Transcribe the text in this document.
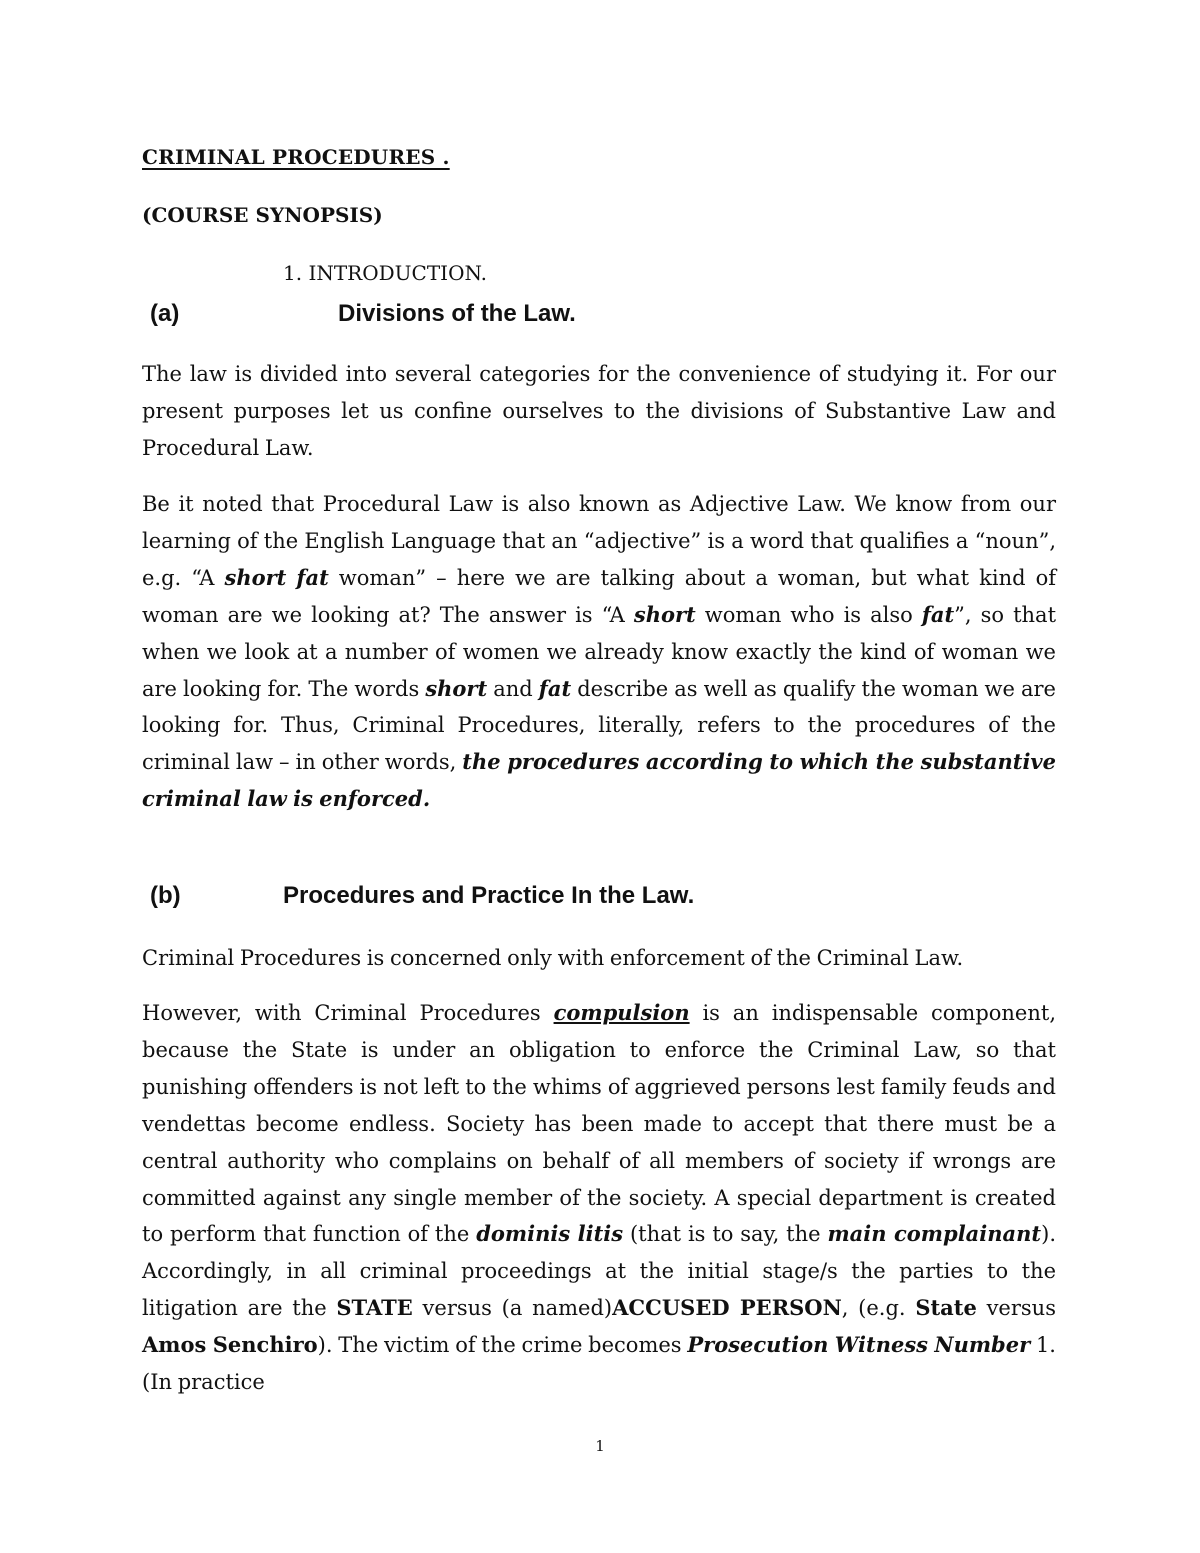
CRIMINAL PROCEDURES .
(COURSE SYNOPSIS)
1. INTRODUCTION.
(a)	Divisions of the Law.

The law is divided into several categories for the convenience of studying it. For our present purposes let us confine ourselves to the divisions of Substantive Law and Procedural Law.

Be it noted that Procedural Law is also known as Adjective Law. We know from our learning of the English Language that an “adjective” is a word that qualifies a “noun”, e.g. “A short fat woman” – here we are talking about a woman, but what kind of woman are we looking at? The answer is “A short woman who is also fat”, so that when we look at a number of women we already know exactly the kind of woman we are looking for. The words short and fat describe as well as qualify the woman we are looking for. Thus, Criminal Procedures, literally, refers to the procedures of the criminal law – in other words, the procedures according to which the substantive criminal law is enforced.

(b)	Procedures and Practice In the Law.

Criminal Procedures is concerned only with enforcement of the Criminal Law.

However, with Criminal Procedures compulsion is an indispensable component, because the State is under an obligation to enforce the Criminal Law, so that punishing offenders is not left to the whims of aggrieved persons lest family feuds and vendettas become endless. Society has been made to accept that there must be a central authority who complains on behalf of all members of society if wrongs are committed against any single member of the society. A special department is created to perform that function of the dominis litis (that is to say, the main complainant). Accordingly, in all criminal proceedings at the initial stage/s the parties to the litigation are the STATE versus (a named)ACCUSED PERSON, (e.g. State versus Amos Senchiro). The victim of the crime becomes Prosecution Witness Number 1. (In practice

1
